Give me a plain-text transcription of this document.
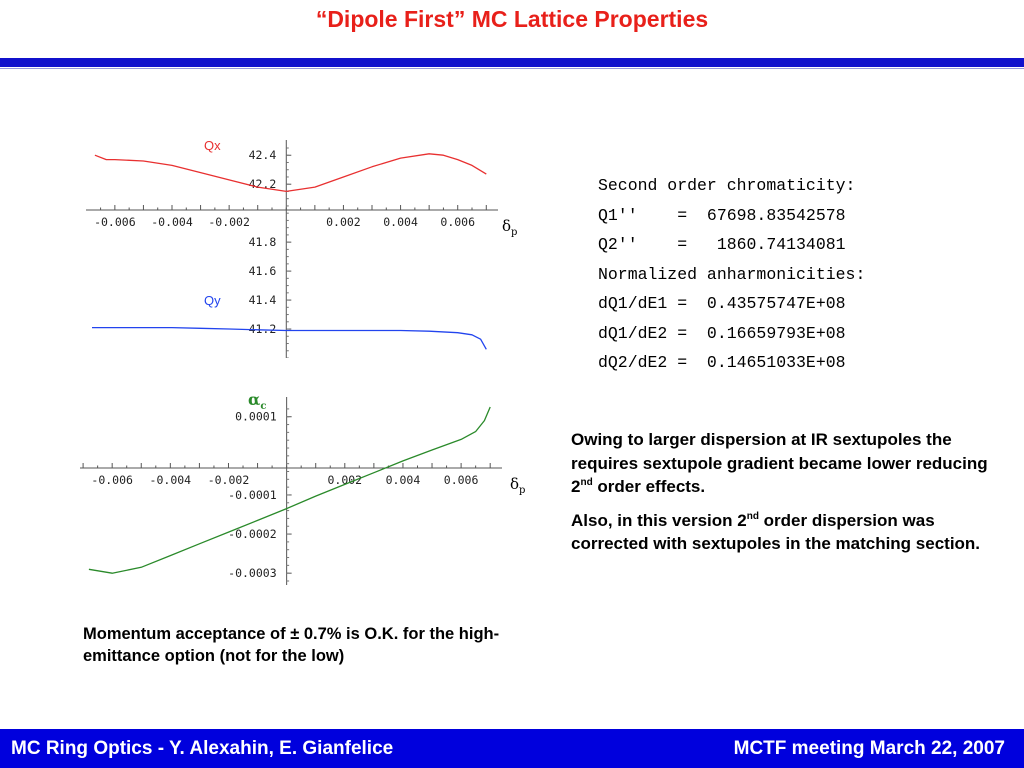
“Dipole First” MC Lattice Properties
-0.006 -0.004 -0.002	0.002 0.004 0.006
42.4
42.2
41.8
41.6
41.4
41.2
Qx
Qy
$\delta_p$
-0.006 -0.004 -0.002	0.002 0.004 0.006
0.0001
-0.0001
-0.0002
-0.0003
$\alpha_c$
$\delta_p$
Second order chromaticity:
Q1''    =  67698.83542578
Q2''    =   1860.74134081
Normalized anharmonicities:
dQ1/dE1 =  0.43575747E+08
dQ1/dE2 =  0.16659793E+08
dQ2/dE2 =  0.14651033E+08

Owing to larger dispersion at IR sextupoles the requires sextupole gradient became lower reducing 2nd order effects.

Also, in this version 2nd order dispersion was corrected with sextupoles in the matching section.

Momentum acceptance of ± 0.7% is O.K. for the high-emittance option (not for the low)
MC Ring Optics - Y. Alexahin, E. Gianfelice	MCTF meeting March 22, 2007
